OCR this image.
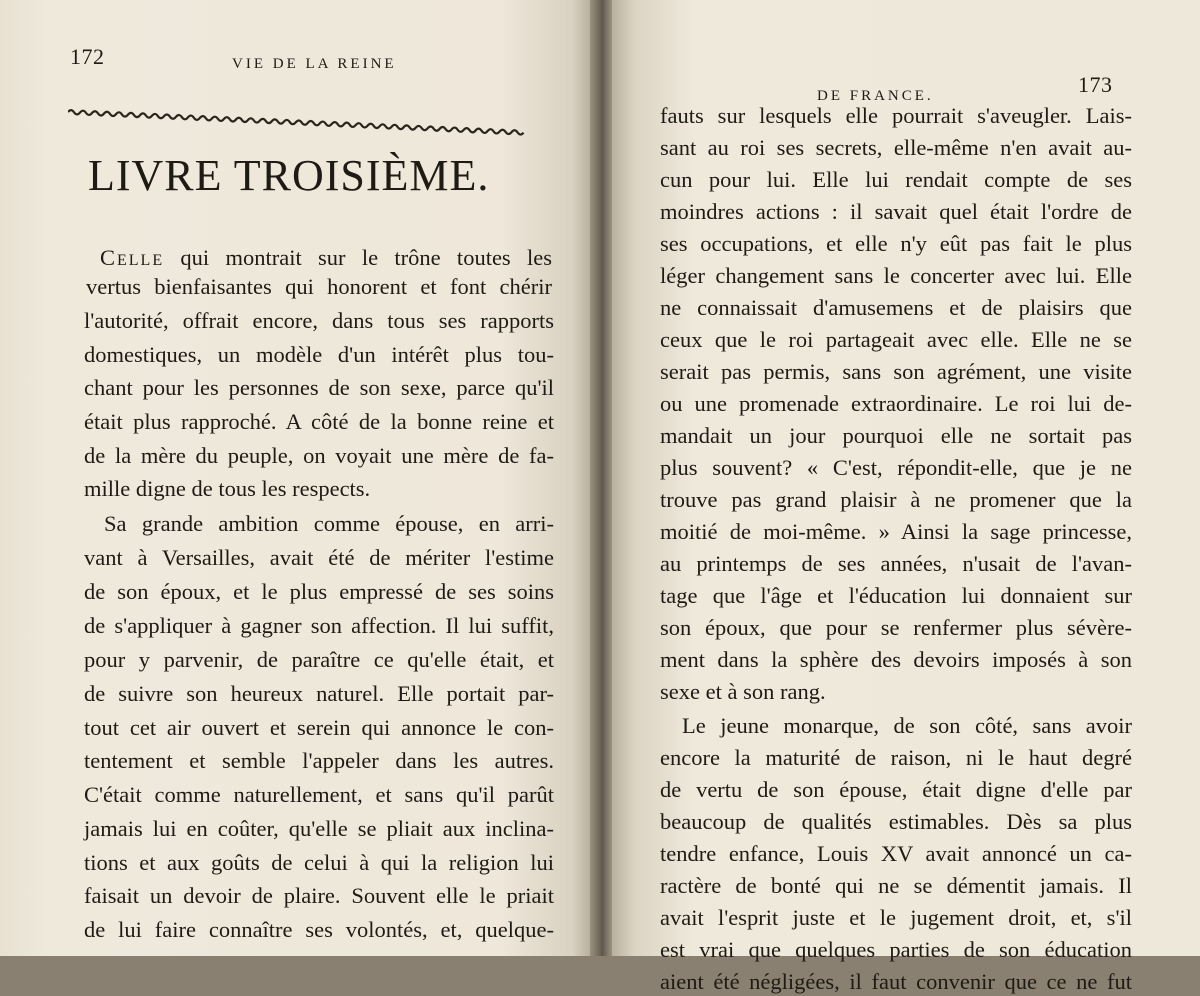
172	VIE DE LA REINE
LIVRE TROISIÈME.
Celle qui montrait sur le trône toutes les
vertus bienfaisantes qui honorent et font chérir
l'autorité, offrait encore, dans tous ses rapports
domestiques, un modèle d'un intérêt plus tou-
chant pour les personnes de son sexe, parce qu'il
était plus rapproché. A côté de la bonne reine et
de la mère du peuple, on voyait une mère de fa-
mille digne de tous les respects.
Sa grande ambition comme épouse, en arri-
vant à Versailles, avait été de mériter l'estime
de son époux, et le plus empressé de ses soins
de s'appliquer à gagner son affection. Il lui suffit,
pour y parvenir, de paraître ce qu'elle était, et
de suivre son heureux naturel. Elle portait par-
tout cet air ouvert et serein qui annonce le con-
tentement et semble l'appeler dans les autres.
C'était comme naturellement, et sans qu'il parût
jamais lui en coûter, qu'elle se pliait aux inclina-
tions et aux goûts de celui à qui la religion lui
faisait un devoir de plaire. Souvent elle le priait
de lui faire connaître ses volontés, et, quelque-
173
DE FRANCE.
fauts sur lesquels elle pourrait s'aveugler. Lais-
sant au roi ses secrets, elle-même n'en avait au-
cun pour lui. Elle lui rendait compte de ses
moindres actions : il savait quel était l'ordre de
ses occupations, et elle n'y eût pas fait le plus
léger changement sans le concerter avec lui. Elle
ne connaissait d'amusemens et de plaisirs que
ceux que le roi partageait avec elle. Elle ne se
serait pas permis, sans son agrément, une visite
ou une promenade extraordinaire. Le roi lui de-
mandait un jour pourquoi elle ne sortait pas
plus souvent? « C'est, répondit-elle, que je ne
trouve pas grand plaisir à ne promener que la
moitié de moi-même. » Ainsi la sage princesse,
au printemps de ses années, n'usait de l'avan-
tage que l'âge et l'éducation lui donnaient sur
son époux, que pour se renfermer plus sévère-
ment dans la sphère des devoirs imposés à son
sexe et à son rang.
Le jeune monarque, de son côté, sans avoir
encore la maturité de raison, ni le haut degré
de vertu de son épouse, était digne d'elle par
beaucoup de qualités estimables. Dès sa plus
tendre enfance, Louis XV avait annoncé un ca-
ractère de bonté qui ne se démentit jamais. Il
avait l'esprit juste et le jugement droit, et, s'il
est vrai que quelques parties de son éducation
aient été négligées, il faut convenir que ce ne fut
